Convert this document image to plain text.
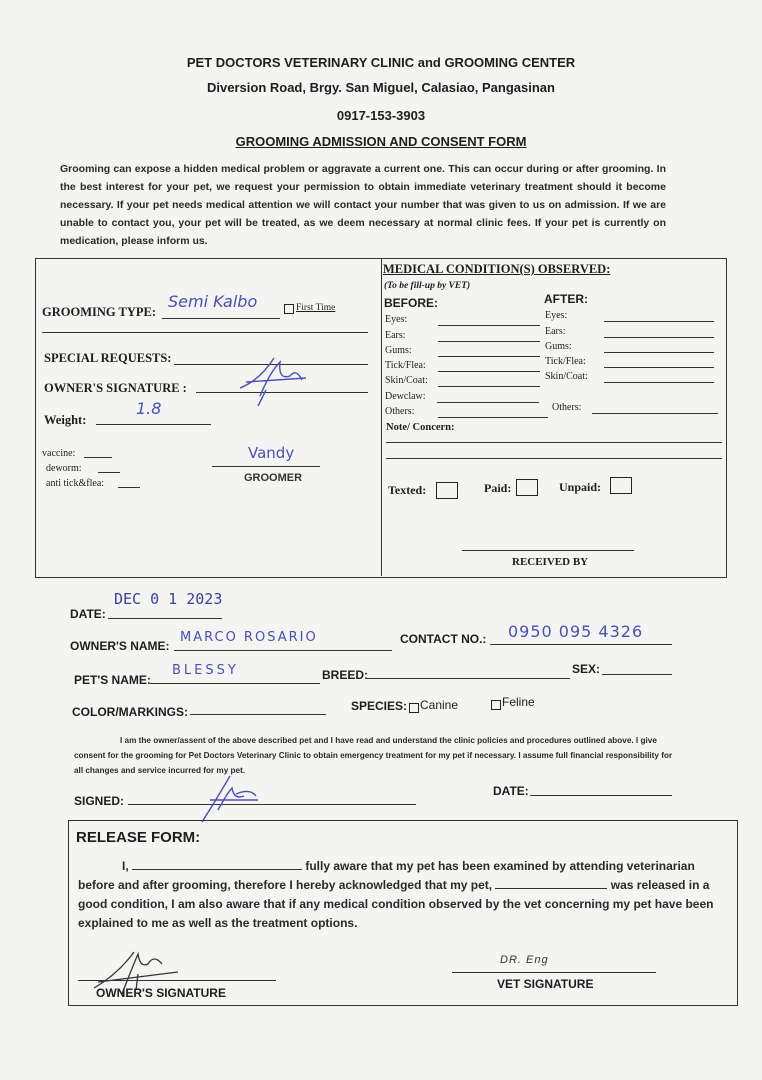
PET DOCTORS VETERINARY CLINIC and GROOMING CENTER
Diversion Road, Brgy. San Miguel, Calasiao, Pangasinan
0917-153-3903
GROOMING ADMISSION AND CONSENT FORM
Grooming can expose a hidden medical problem or aggravate a current one. This can occur during or after grooming. In the best interest for your pet, we request your permission to obtain immediate veterinary treatment should it become necessary. If your pet needs medical attention we will contact your number that was given to us on admission. If we are unable to contact you, your pet will be treated, as we deem necessary at normal clinic fees. If your pet is currently on medication, please inform us.
GROOMING TYPE:
Semi Kalbo	First Time
SPECIAL REQUESTS:
OWNER'S SIGNATURE :
Weight:
1.8
vaccine:
deworm:
anti tick&flea:
Vandy
GROOMER
MEDICAL CONDITION(S) OBSERVED:
(To be fill-up by VET)
BEFORE:	AFTER:
Eyes:
Ears:
Gums:
Tick/Flea:
Skin/Coat:
Dewclaw:
Others:
Eyes:
Ears:
Gums:
Tick/Flea:
Skin/Coat:
Others:
Note/ Concern:
Texted:	Paid:	Unpaid:
RECEIVED BY
DATE:
DEC 0 1 2023
OWNER'S NAME:
MARCO ROSARIO	CONTACT NO.: 0950 095 4326
PET'S NAME:
BLESSY	BREED:	SEX:
COLOR/MARKINGS:	SPECIES: Canine	Feline
I am the owner/assent of the above described pet and I have read and understand the clinic policies and procedures outlined above. I give consent for the grooming for Pet Doctors Veterinary Clinic to obtain emergency treatment for my pet if necessary. I assume full financial responsibility for all changes and service incurred for my pet.
SIGNED:
DATE:
RELEASE FORM:
I,	fully aware that my pet has been examined by attending veterinarian before and after grooming, therefore I hereby acknowledged that my pet,	was released in a good condition, I am also aware that if any medical condition observed by the vet concerning my pet have been explained to me as well as the treatment options.
OWNER'S SIGNATURE
DR. Eng
VET SIGNATURE
